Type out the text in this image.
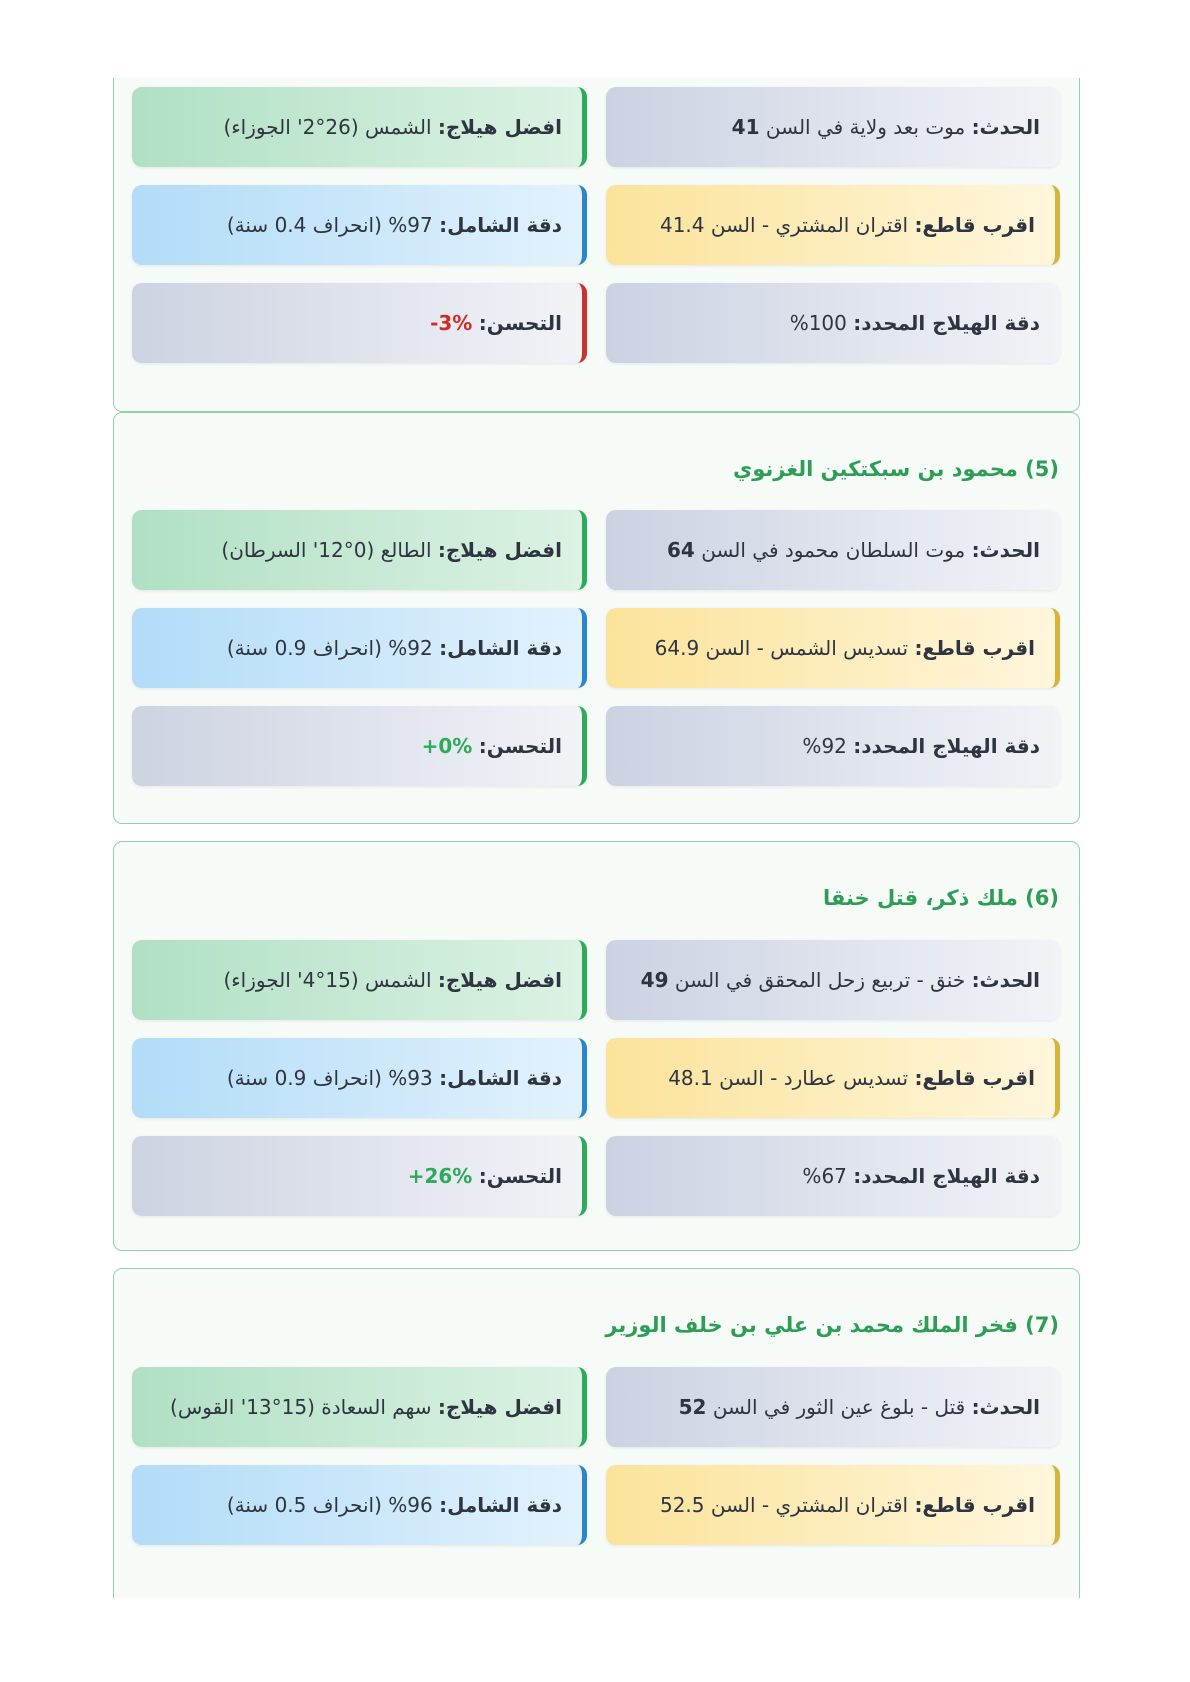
الحدث: موت بعد ولاية في السن 41
افضل هيلاج: الشمس (26°2' الجوزاء)
اقرب قاطع: اقتران المشتري - السن 41.4
دقة الشامل: 97% (انحراف 0.4 سنة)
دقة الهيلاج المحدد: 100%
التحسن: -3%
(5) محمود بن سبكتكين الغزنوي
الحدث: موت السلطان محمود في السن 64
افضل هيلاج: الطالع (0°12' السرطان)
اقرب قاطع: تسديس الشمس - السن 64.9
دقة الشامل: 92% (انحراف 0.9 سنة)
دقة الهيلاج المحدد: 92%
التحسن: +0%
(6) ملك ذكر، قتل خنقا
الحدث: خنق - تربيع زحل المحقق في السن 49
افضل هيلاج: الشمس (15°4' الجوزاء)
اقرب قاطع: تسديس عطارد - السن 48.1
دقة الشامل: 93% (انحراف 0.9 سنة)
دقة الهيلاج المحدد: 67%
التحسن: +26%
(7) فخر الملك محمد بن علي بن خلف الوزير
الحدث: قتل - بلوغ عين الثور في السن 52
افضل هيلاج: سهم السعادة (15°13' القوس)
اقرب قاطع: اقتران المشتري - السن 52.5
دقة الشامل: 96% (انحراف 0.5 سنة)
